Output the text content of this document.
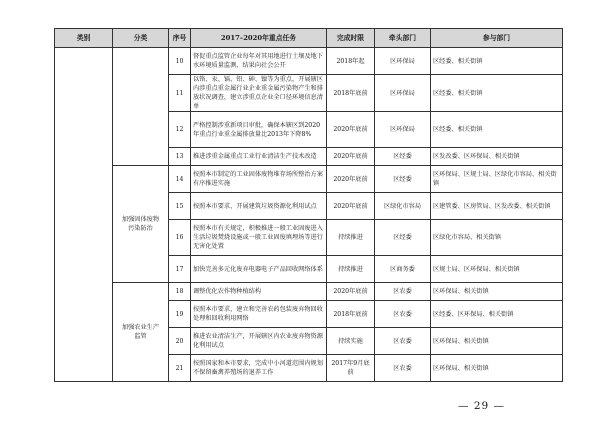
类别	分类	序号	2017–2020年重点任务	完成时限	牵头部门	参与部门
		10	督促重点监管企业每年对其用地进行土壤及地下水环境质量监测，结果向社会公开	2018年起	区环保局	区经委、相关街镇
		11	以铬、汞、镉、铅、砷、镍等为重点，开展辖区内涉重点重金属行业企业重金属污染物产生和排放状况调查，建立涉重点企业全口径环境信息清单	2018年底前	区环保局	区经委、相关街镇
		12	严格控制涉重新项目审批，确保本辖区到2020年重点行业重金属排放量比2013年下降8%	2020年底前	区环保局	区经委、相关街镇
		13	推进涉重金属重点工业行业清洁生产技术改造	2020年底前	区经委	区发改委、区环保局、相关街镇
	加强固体废物污染防治	14	按照本市制定的工业固体废物堆存场所整治方案有序推进实施	2020年底前	区经委	区环保局、区规土局、区绿化市容局、相关街镇
		15	按照本市要求，开展建筑垃圾资源化利用试点	2020年底前	区绿化市容局	区建管委、区房管局、区发改委、相关街镇
		16	按照本市有关规定，积极推进一般工业固废进入生活垃圾焚烧设施或一般工业固废填埋场等进行无害化处置	持续推进	区经委	区绿化市容局、相关街镇
		17	加快完善多元化废弃电器电子产品回收网络体系	持续推进	区商务委	区规土局、区环保局、相关街镇
	加强农业生产监管	18	调整优化农作物种植结构	2020年底前	区农委	区环保局、相关街镇
		19	按照本市要求，建立和完善农药包装废弃物回收处理和回收利用网络	2018年底前	区农委	区经委、区环保局、相关街镇
		20	推进农业清洁生产，开展辖区内农业废弃物资源化利用试点	持续实施	区农委	区环保局、相关街镇
		21	按照国家和本市要求，完成中小河道范围内规划不保留畜禽养殖场的退养工作	2017年9月底前	区农委	区环保局、相关街镇
— 29 —
